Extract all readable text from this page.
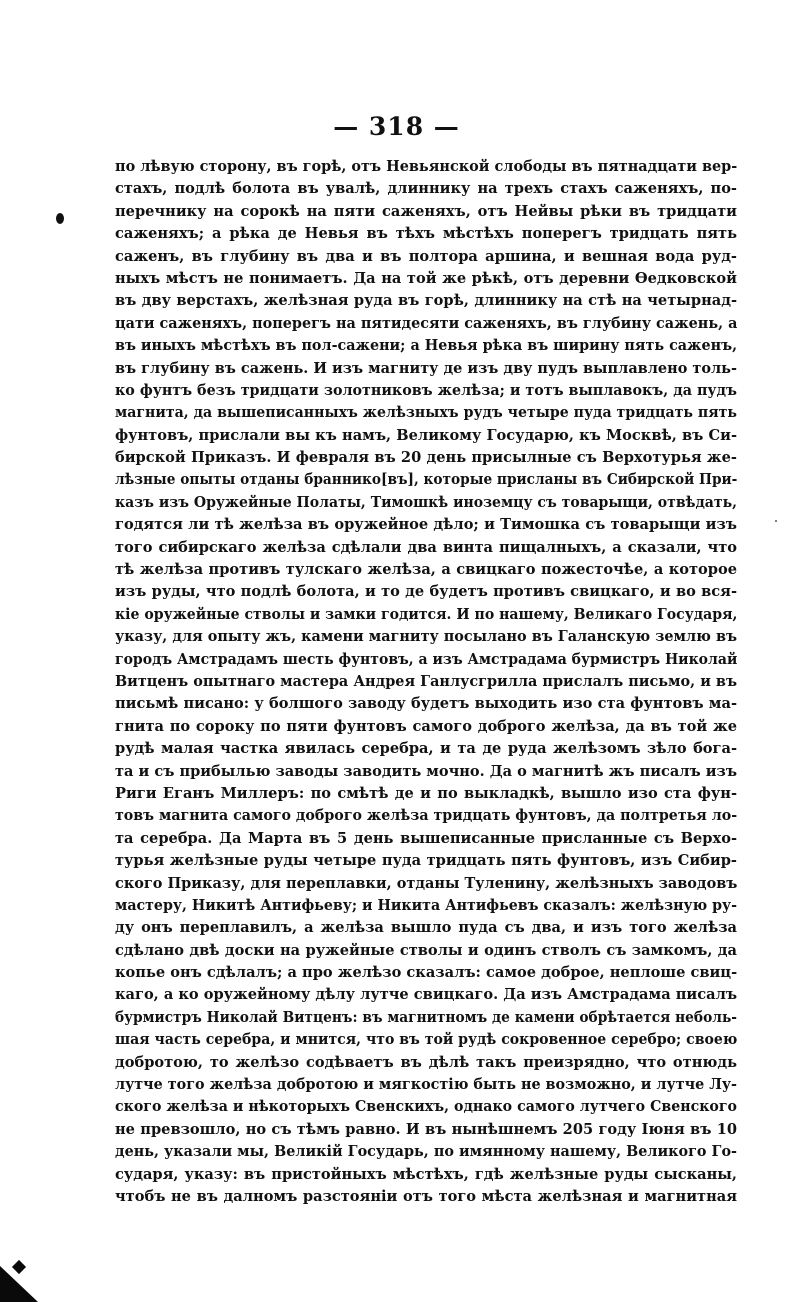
— 318 —
по лѣвую сторону, въ горѣ, отъ Невьянской слободы въ пятнадцати вер-
стахъ, подлѣ болота въ увалѣ, длиннику на трехъ стахъ саженяхъ, по-
перечнику на сорокѣ на пяти саженяхъ, отъ Нейвы рѣки въ тридцати
саженяхъ; а рѣка де Невья въ тѣхъ мѣстѣхъ поперегъ тридцать пять
саженъ, въ глубину въ два и въ полтора аршина, и вешная вода руд-
ныхъ мѣстъ не понимаетъ. Да на той же рѣкѣ, отъ деревни Ѳедковской
въ дву верстахъ, желѣзная руда въ горѣ, длиннику на стѣ на четырнад-
цати саженяхъ, поперегъ на пятидесяти саженяхъ, въ глубину сажень, а
въ иныхъ мѣстѣхъ въ пол-сажени; а Невья рѣка въ ширину пять саженъ,
въ глубину въ сажень. И изъ магниту де изъ дву пудъ выплавлено толь-
ко фунтъ безъ тридцати золотниковъ желѣза; и тотъ выплавокъ, да пудъ
магнита, да вышеписанныхъ желѣзныхъ рудъ четыре пуда тридцать пять
фунтовъ, прислали вы къ намъ, Великому Государю, къ Москвѣ, въ Си-
бирской Приказъ. И февраля въ 20 день присылные съ Верхотурья же-
лѣзные опыты отданы браннико[въ], которые присланы въ Сибирской При-
казъ изъ Оружейные Полаты, Тимошкѣ иноземцу съ товарыщи, отвѣдать,
годятся ли тѣ желѣза въ оружейное дѣло; и Тимошка съ товарыщи изъ
того сибирскаго желѣза сдѣлали два винта пищалныхъ, а сказали, что
тѣ желѣза противъ тулскаго желѣза, а свицкаго пожесточѣе, а которое
изъ руды, что подлѣ болота, и то де будетъ противъ свицкаго, и во вся-
кіе оружейные стволы и замки годится. И по нашему, Великаго Государя,
указу, для опыту жъ, камени магниту посылано въ Галанскую землю въ
городъ Амстрадамъ шесть фунтовъ, а изъ Амстрадама бурмистръ Николай
Витценъ опытнаго мастера Андрея Ганлусгрилла прислалъ письмо, и въ
письмѣ писано: у болшого заводу будетъ выходить изо ста фунтовъ ма-
гнита по сороку по пяти фунтовъ самого доброго желѣза, да въ той же
рудѣ малая частка явилась серебра, и та де руда желѣзомъ зѣло бога-
та и съ прибылью заводы заводить мочно. Да о магнитѣ жъ писалъ изъ
Риги Еганъ Миллеръ: по смѣтѣ де и по выкладкѣ, вышло изо ста фун-
товъ магнита самого доброго желѣза тридцать фунтовъ, да полтретья ло-
та серебра. Да Марта въ 5 день вышеписанные присланные съ Верхо-
турья желѣзные руды четыре пуда тридцать пять фунтовъ, изъ Сибир-
ского Приказу, для переплавки, отданы Туленину, желѣзныхъ заводовъ
мастеру, Никитѣ Антифьеву; и Никита Антифьевъ сказалъ: желѣзную ру-
ду онъ переплавилъ, а желѣза вышло пуда съ два, и изъ того желѣза
сдѣлано двѣ доски на ружейные стволы и одинъ стволъ съ замкомъ, да
копье онъ сдѣлалъ; а про желѣзо сказалъ: самое доброе, неплоше свиц-
каго, а ко оружейному дѣлу лутче свицкаго. Да изъ Амстрадама писалъ
бурмистръ Николай Витценъ: въ магнитномъ де камени обрѣтается неболь-
шая часть серебра, и мнится, что въ той рудѣ сокровенное серебро; своею
добротою, то желѣзо содѣваетъ въ дѣлѣ такъ преизрядно, что отнюдь
лутче того желѣза добротою и мягкостію быть не возможно, и лутче Лу-
ского желѣза и нѣкоторыхъ Свенскихъ, однако самого лутчего Свенского
не превзошло, но съ тѣмъ равно. И въ нынѣшнемъ 205 году Іюня въ 10
день, указали мы, Великій Государь, по имянному нашему, Великого Го-
сударя, указу: въ пристойныхъ мѣстѣхъ, гдѣ желѣзные руды сысканы,
чтобъ не въ далномъ разстояніи отъ того мѣста желѣзная и магнитная
